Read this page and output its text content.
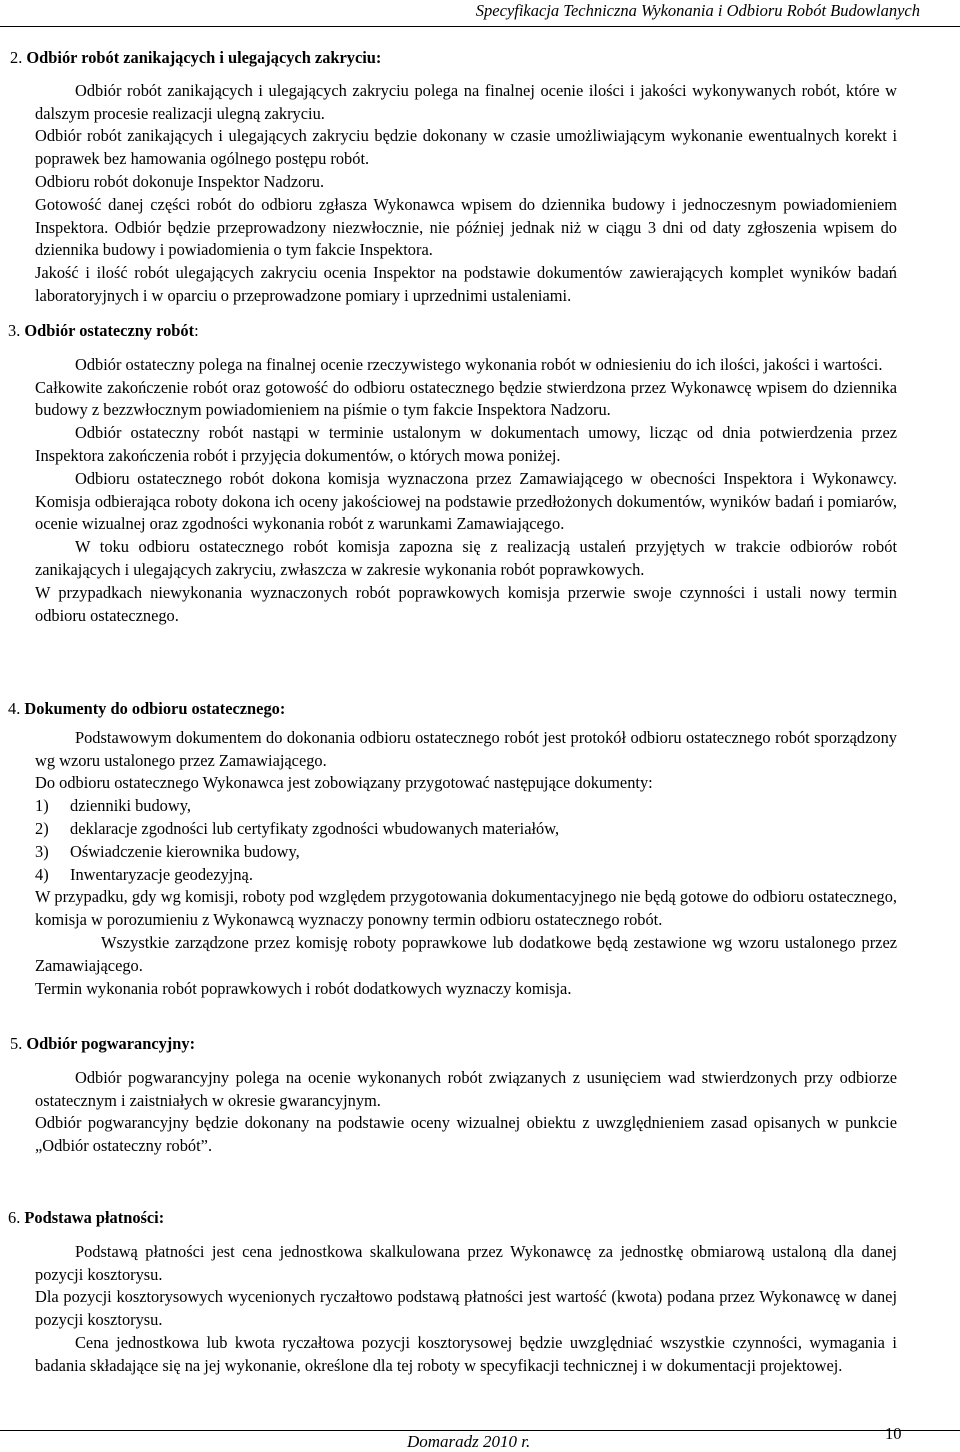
Specyfikacja Techniczna Wykonania i Odbioru Robót Budowlanych
2. Odbiór robót zanikających i ulegających zakryciu:

Odbiór robót zanikających i ulegających zakryciu polega na finalnej ocenie ilości i jakości wykonywanych robót, które w dalszym procesie realizacji ulegną zakryciu.

Odbiór robót zanikających i ulegających zakryciu będzie dokonany w czasie umożliwiającym wykonanie ewentualnych korekt i poprawek bez hamowania ogólnego postępu robót.

Odbioru robót dokonuje Inspektor Nadzoru.

Gotowość danej części robót do odbioru zgłasza Wykonawca wpisem do dziennika budowy i jednoczesnym powiadomieniem Inspektora. Odbiór będzie przeprowadzony niezwłocznie, nie później jednak niż w ciągu 3 dni od daty zgłoszenia wpisem do dziennika budowy i powiadomienia o tym fakcie Inspektora.

Jakość i ilość robót ulegających zakryciu ocenia Inspektor na podstawie dokumentów zawierających komplet wyników badań laboratoryjnych i w oparciu o przeprowadzone pomiary i uprzednimi ustaleniami.

3. Odbiór ostateczny robót:

Odbiór ostateczny polega na finalnej ocenie rzeczywistego wykonania robót w odniesieniu do ich ilości, jakości i wartości.

Całkowite zakończenie robót oraz gotowość do odbioru ostatecznego będzie stwierdzona przez Wykonawcę wpisem do dziennika budowy z bezzwłocznym powiadomieniem na piśmie o tym fakcie Inspektora Nadzoru.

Odbiór ostateczny robót nastąpi w terminie ustalonym w dokumentach umowy, licząc od dnia potwierdzenia przez Inspektora zakończenia robót i przyjęcia dokumentów, o których mowa poniżej.

Odbioru ostatecznego robót dokona komisja wyznaczona przez Zamawiającego w obecności Inspektora i Wykonawcy. Komisja odbierająca roboty dokona ich oceny jakościowej na podstawie przedłożonych dokumentów, wyników badań i pomiarów, ocenie wizualnej oraz zgodności wykonania robót z warunkami Zamawiającego.

W toku odbioru ostatecznego robót komisja zapozna się z realizacją ustaleń przyjętych w trakcie odbiorów robót zanikających i ulegających zakryciu, zwłaszcza w zakresie wykonania robót poprawkowych.

W przypadkach niewykonania wyznaczonych robót poprawkowych komisja przerwie swoje czynności i ustali nowy termin odbioru ostatecznego.

4. Dokumenty do odbioru ostatecznego:

Podstawowym dokumentem do dokonania odbioru ostatecznego robót jest protokół odbioru ostatecznego robót sporządzony wg wzoru ustalonego przez Zamawiającego.

Do odbioru ostatecznego Wykonawca jest zobowiązany przygotować następujące dokumenty:

1)	dzienniki budowy,
2)	deklaracje zgodności lub certyfikaty zgodności wbudowanych materiałów,
3)	Oświadczenie kierownika budowy,
4)	Inwentaryzacje geodezyjną.

W przypadku, gdy wg komisji, roboty pod względem przygotowania dokumentacyjnego nie będą gotowe do odbioru ostatecznego, komisja w porozumieniu z Wykonawcą wyznaczy ponowny termin odbioru ostatecznego robót.

Wszystkie zarządzone przez komisję roboty poprawkowe lub dodatkowe będą zestawione wg wzoru ustalonego przez Zamawiającego.

Termin wykonania robót poprawkowych i robót dodatkowych wyznaczy komisja.

5. Odbiór pogwarancyjny:

Odbiór pogwarancyjny polega na ocenie wykonanych robót związanych z usunięciem wad stwierdzonych przy odbiorze ostatecznym i zaistniałych w okresie gwarancyjnym.

Odbiór pogwarancyjny będzie dokonany na podstawie oceny wizualnej obiektu z uwzględnieniem zasad opisanych w punkcie „Odbiór ostateczny robót”.

6. Podstawa płatności:

Podstawą płatności jest cena jednostkowa skalkulowana przez Wykonawcę za jednostkę obmiarową ustaloną dla danej pozycji kosztorysu.

Dla pozycji kosztorysowych wycenionych ryczałtowo podstawą płatności jest wartość (kwota) podana przez Wykonawcę w danej pozycji kosztorysu.

Cena jednostkowa lub kwota ryczałtowa pozycji kosztorysowej będzie uwzględniać wszystkie czynności, wymagania i badania składające się na jej wykonanie, określone dla tej roboty w specyfikacji technicznej i w dokumentacji projektowej.

Domaradz 2010 r.	10
